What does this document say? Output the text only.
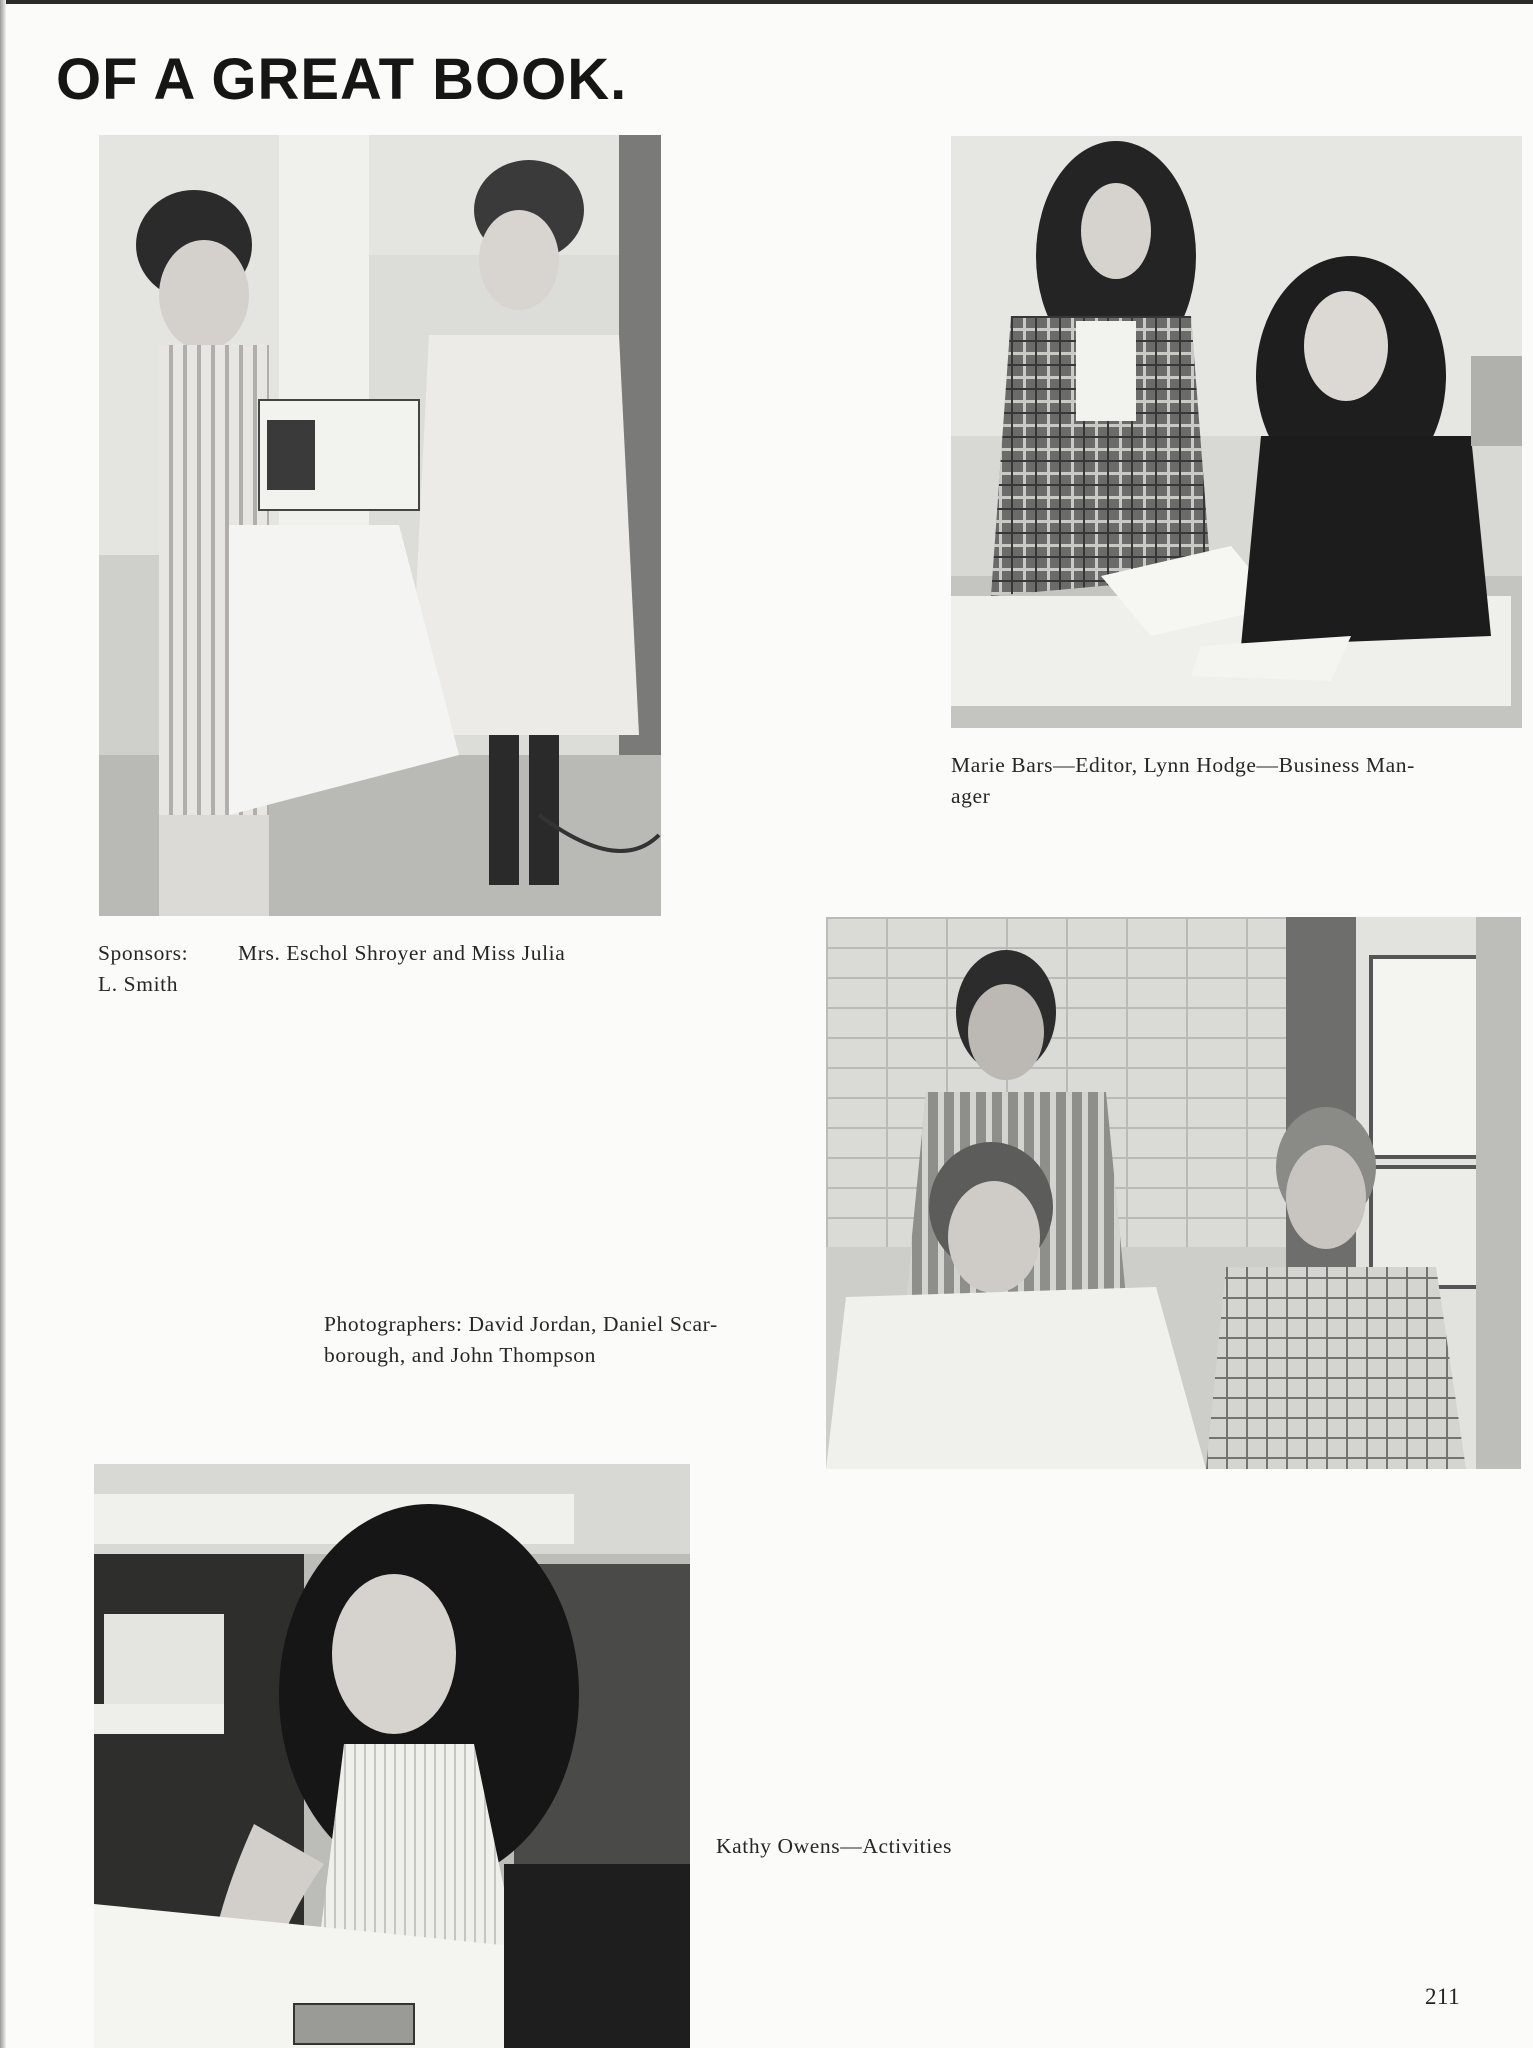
OF A GREAT BOOK.
Sponsors: Mrs. Eschol Shroyer and Miss Julia
L. Smith

Marie Bars—Editor, Lynn Hodge—Business Man-
ager

Photographers: David Jordan, Daniel Scar-
borough, and John Thompson

Kathy Owens—Activities

211
